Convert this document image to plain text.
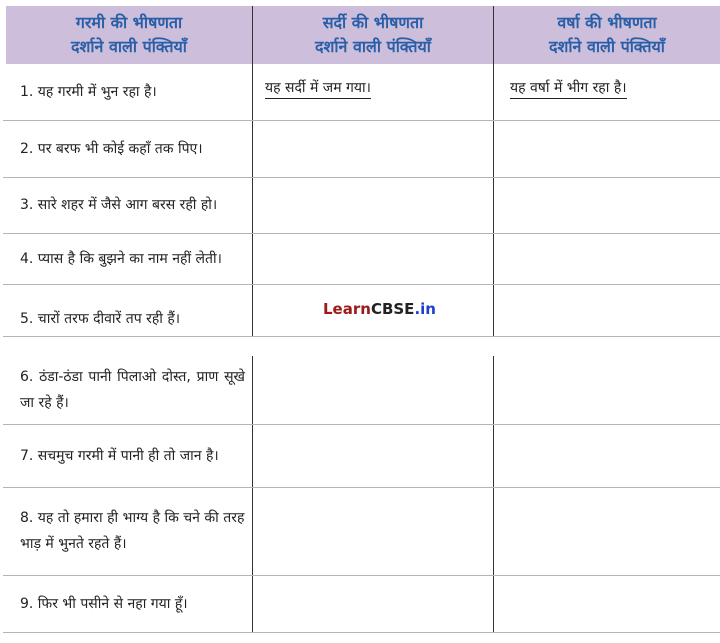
गरमी की भीषणता
दर्शाने वाली पंक्तियाँ
सर्दी की भीषणता
दर्शाने वाली पंक्तियाँ
वर्षा की भीषणता
दर्शाने वाली पंक्तियाँ
1. यह गरमी में भुन रहा है।
2. पर बरफ भी कोई कहाँ तक पिए।
3. सारे शहर में जैसे आग बरस रही हो।
4. प्यास है कि बुझने का नाम नहीं लेती।
5. चारों तरफ दीवारें तप रही हैं।
6. ठंडा-ठंडा पानी पिलाओ दोस्त, प्राण सूखे जा रहे हैं।
7. सचमुच गरमी में पानी ही तो जान है।
8. यह तो हमारा ही भाग्य है कि चने की तरह भाड़ में भुनते रहते हैं।
9. फिर भी पसीने से नहा गया हूँ।
यह सर्दी में जम गया।	यह वर्षा में भीग रहा है।
LearnCBSE.in
